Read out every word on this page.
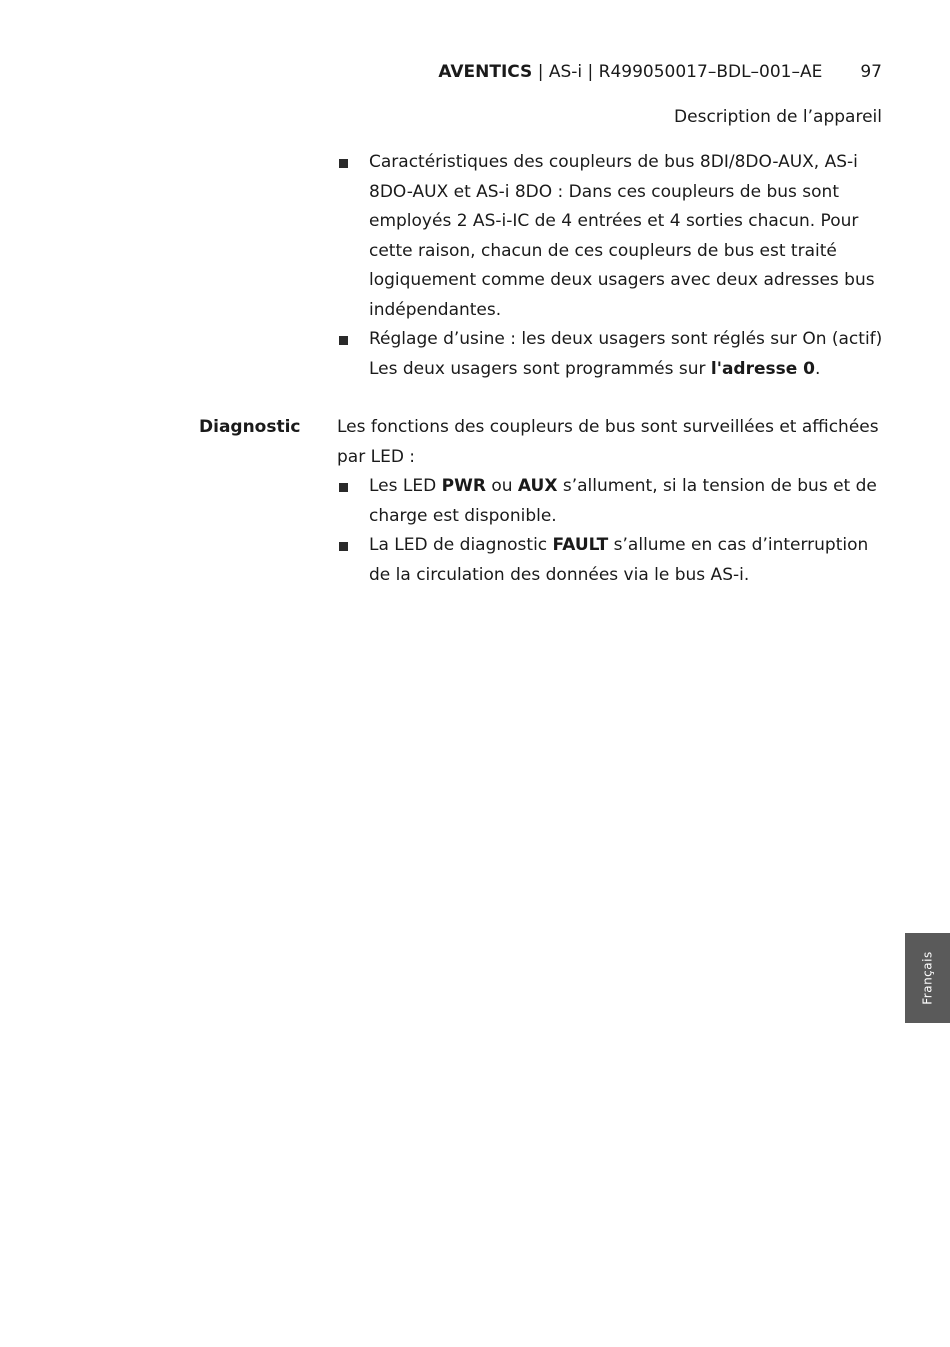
AVENTICS | AS-i | R499050017–BDL–001–AE 97
Description de l’appareil
Caractéristiques des coupleurs de bus 8DI/8DO-AUX, AS-i 8DO-AUX et AS-i 8DO : Dans ces coupleurs de bus sont employés 2 AS-i-IC de 4 entrées et 4 sorties chacun. Pour cette raison, chacun de ces coupleurs de bus est traité logiquement comme deux usagers avec deux adresses bus indépendantes.
Réglage d’usine : les deux usagers sont réglés sur On (actif) Les deux usagers sont programmés sur l'adresse 0.

Les fonctions des coupleurs de bus sont surveillées et affichées par LED :

Les LED PWR ou AUX s’allument, si la tension de bus et de charge est disponible.
La LED de diagnostic FAULT s’allume en cas d’interruption de la circulation des données via le bus AS-i.
Diagnostic
Français
